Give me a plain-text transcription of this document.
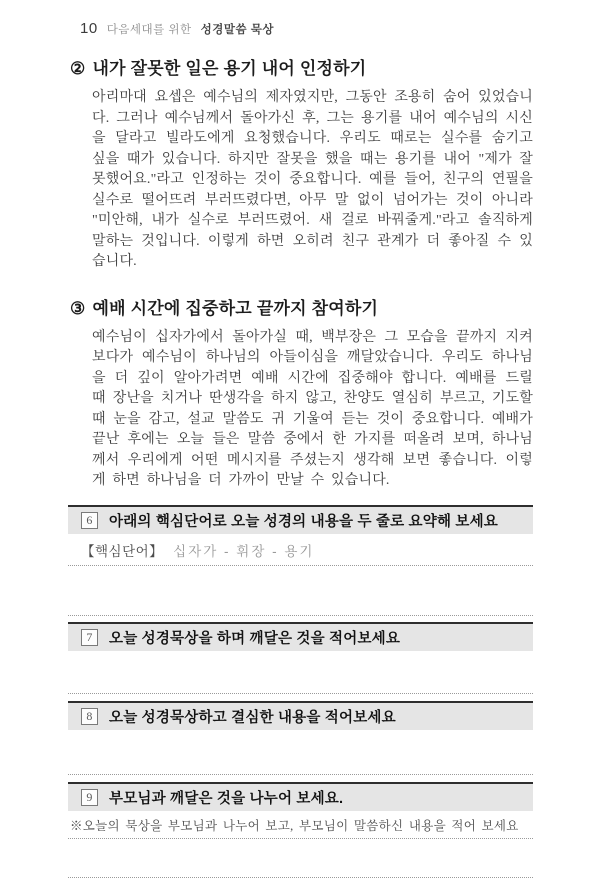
10 다음세대를 위한 성경말씀 묵상
② 내가 잘못한 일은 용기 내어 인정하기

아리마대 요셉은 예수님의 제자였지만, 그동안 조용히 숨어 있었습니다. 그러나 예수님께서 돌아가신 후, 그는 용기를 내어 예수님의 시신을 달라고 빌라도에게 요청했습니다. 우리도 때로는 실수를 숨기고 싶을 때가 있습니다. 하지만 잘못을 했을 때는 용기를 내어 "제가 잘못했어요."라고 인정하는 것이 중요합니다. 예를 들어, 친구의 연필을 실수로 떨어뜨려 부러뜨렸다면, 아무 말 없이 넘어가는 것이 아니라 "미안해, 내가 실수로 부러뜨렸어. 새 걸로 바꿔줄게."라고 솔직하게 말하는 것입니다. 이렇게 하면 오히려 친구 관계가 더 좋아질 수 있습니다.

③ 예배 시간에 집중하고 끝까지 참여하기

예수님이 십자가에서 돌아가실 때, 백부장은 그 모습을 끝까지 지켜보다가 예수님이 하나님의 아들이심을 깨달았습니다. 우리도 하나님을 더 깊이 알아가려면 예배 시간에 집중해야 합니다. 예배를 드릴 때 장난을 치거나 딴생각을 하지 않고, 찬양도 열심히 부르고, 기도할 때 눈을 감고, 설교 말씀도 귀 기울여 듣는 것이 중요합니다. 예배가 끝난 후에는 오늘 들은 말씀 중에서 한 가지를 떠올려 보며, 하나님께서 우리에게 어떤 메시지를 주셨는지 생각해 보면 좋습니다. 이렇게 하면 하나님을 더 가까이 만날 수 있습니다.

6	아래의 핵심단어로 오늘 성경의 내용을 두 줄로 요약해 보세요
【핵심단어】 십자가 - 휘장 - 용기
7	오늘 성경묵상을 하며 깨달은 것을 적어보세요
8	오늘 성경묵상하고 결심한 내용을 적어보세요
9	부모님과 깨달은 것을 나누어 보세요.
※오늘의 묵상을 부모님과 나누어 보고, 부모님이 말씀하신 내용을 적어 보세요
